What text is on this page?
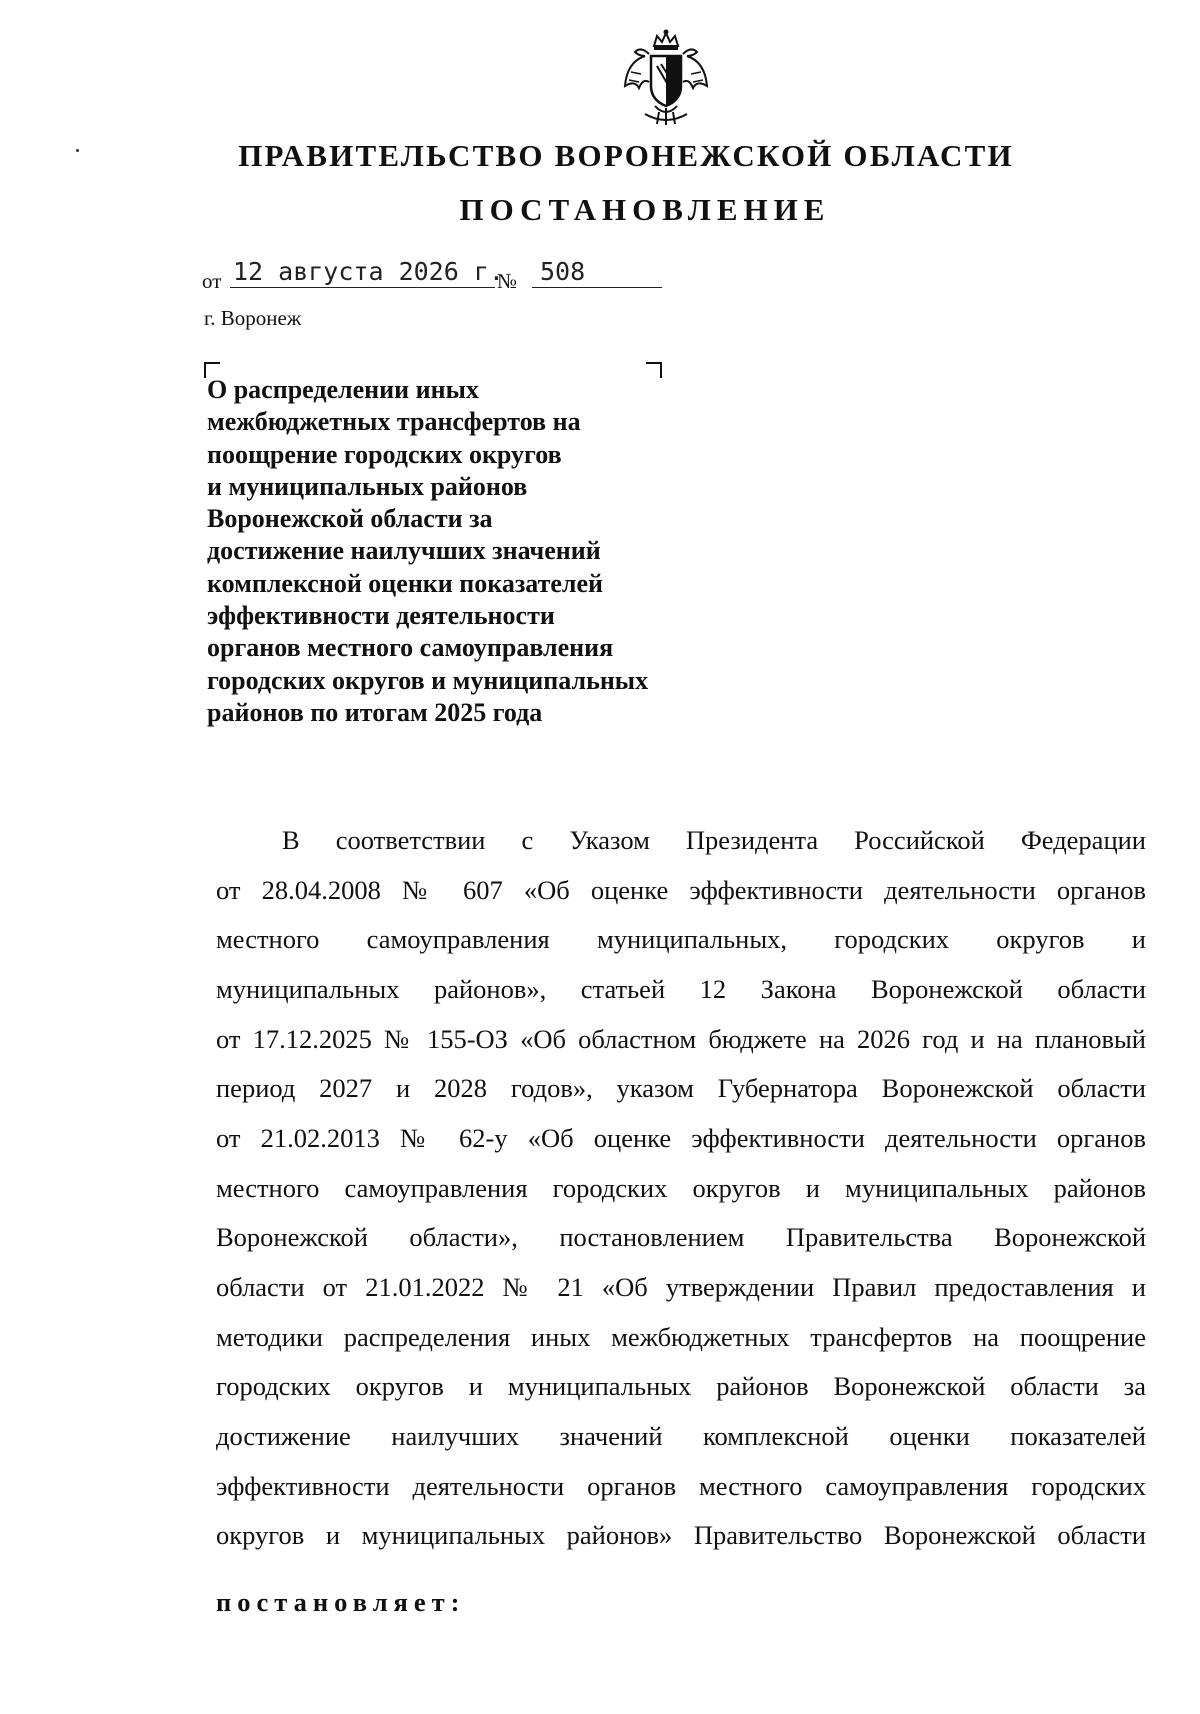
ПРАВИТЕЛЬСТВО ВОРОНЕЖСКОЙ ОБЛАСТИ
ПОСТАНОВЛЕНИЕ
от 12 августа 2026 г.
№ 508

г. Воронеж

О распределении иных
межбюджетных трансфертов на
поощрение городских округов
и муниципальных районов
Воронежской области за
достижение наилучших значений
комплексной оценки показателей
эффективности деятельности
органов местного самоуправления
городских округов и муниципальных
районов по итогам 2025 года
В соответствии с Указом Президента Российской Федерации
от 28.04.2008 № 607 «Об оценке эффективности деятельности органов
местного самоуправления муниципальных, городских округов и
муниципальных районов», статьей 12 Закона Воронежской области
от 17.12.2025 № 155-ОЗ «Об областном бюджете на 2026 год и на плановый
период 2027 и 2028 годов», указом Губернатора Воронежской области
от 21.02.2013 № 62-у «Об оценке эффективности деятельности органов
местного самоуправления городских округов и муниципальных районов
Воронежской области», постановлением Правительства Воронежской
области от 21.01.2022 № 21 «Об утверждении Правил предоставления и
методики распределения иных межбюджетных трансфертов на поощрение
городских округов и муниципальных районов Воронежской области за
достижение наилучших значений комплексной оценки показателей
эффективности деятельности органов местного самоуправления городских
округов и муниципальных районов» Правительство Воронежской области

постановляет:
